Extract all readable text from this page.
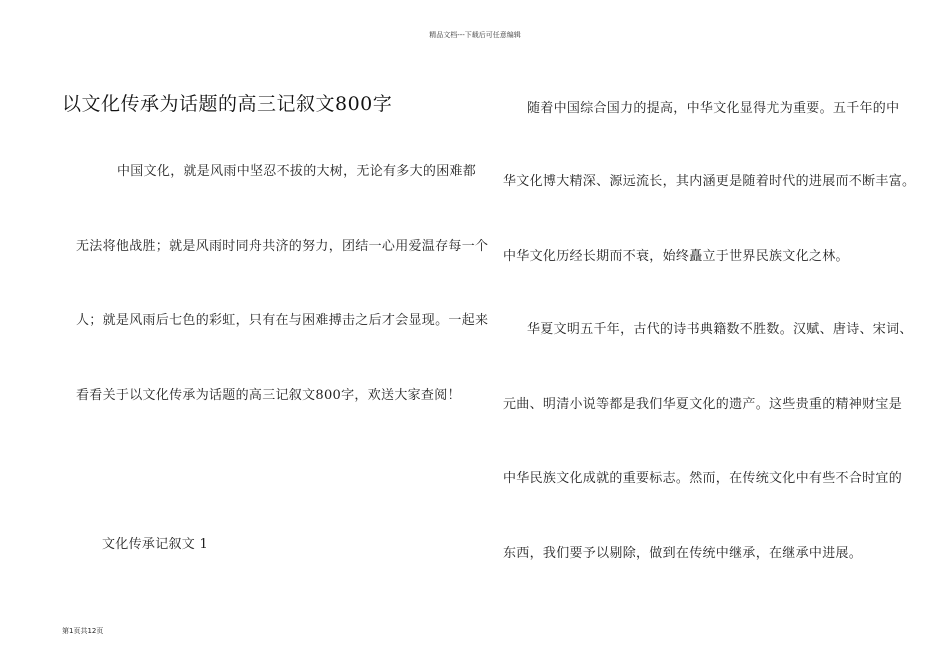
精品文档---下载后可任意编辑
以文化传承为话题的高三记叙文800字
中国文化，就是风雨中坚忍不拔的大树，无论有多大的困难都
无法将他战胜；就是风雨时同舟共济的努力，团结一心用爱温存每一个
人；就是风雨后七色的彩虹，只有在与困难搏击之后才会显现。一起来
看看关于以文化传承为话题的高三记叙文800字，欢送大家查阅！
文化传承记叙文 1
随着中国综合国力的提高，中华文化显得尤为重要。五千年的中
华文化博大精深、源远流长，其内涵更是随着时代的进展而不断丰富。
中华文化历经长期而不衰，始终矗立于世界民族文化之林。
华夏文明五千年，古代的诗书典籍数不胜数。汉赋、唐诗、宋词、
元曲、明清小说等都是我们华夏文化的遗产。这些贵重的精神财宝是
中华民族文化成就的重要标志。然而，在传统文化中有些不合时宜的
东西，我们要予以剔除，做到在传统中继承，在继承中进展。
第1页共12页
